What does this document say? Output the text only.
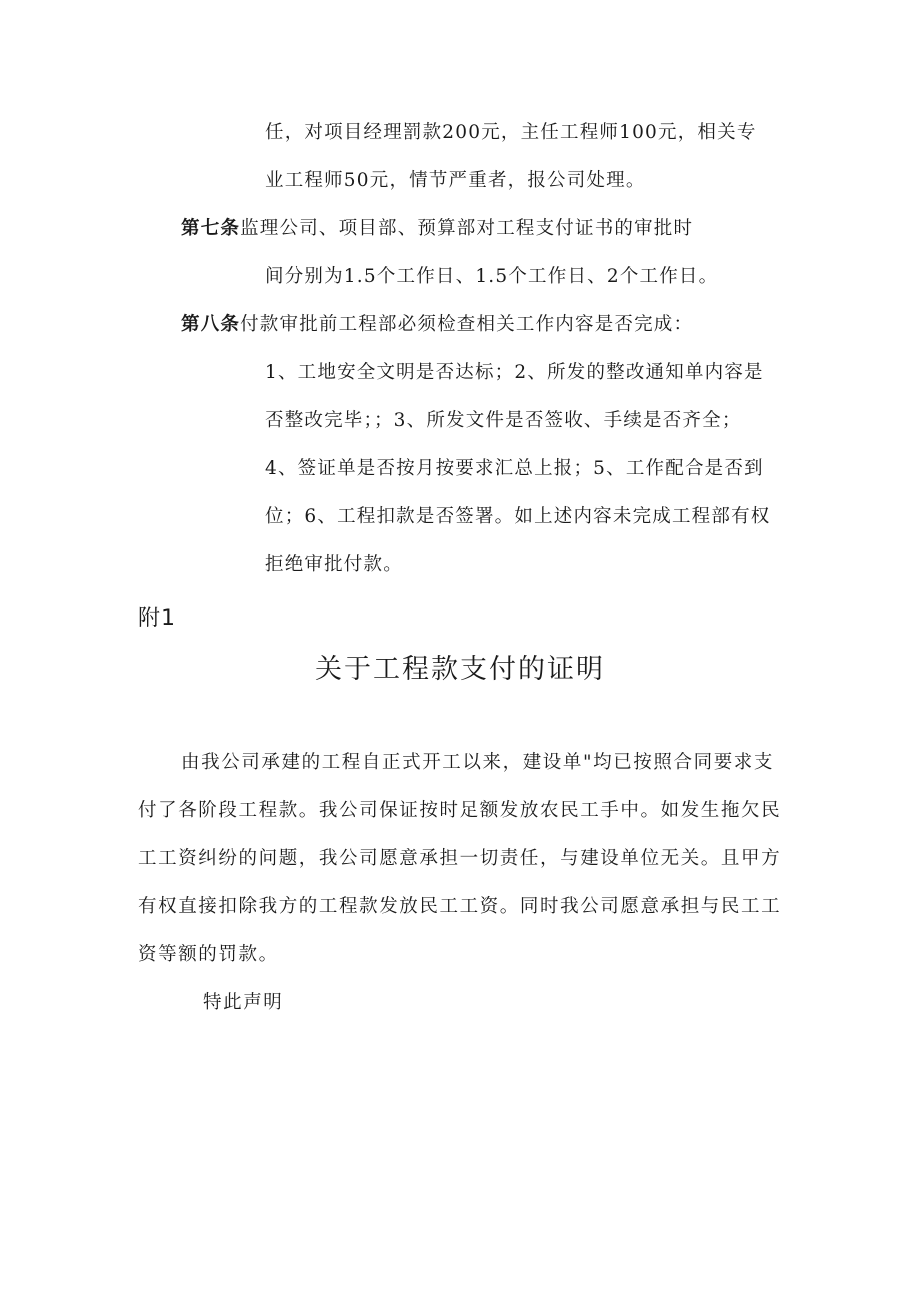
任，对项目经理罰款200元，主任工程师100元，相关专
业工程师50元，情节严重者，报公司处理。
第七条监理公司、项目部、预算部对工程支付证书的审批时
间分别为1.5个工作日、1.5个工作日、2个工作日。
第八条付款审批前工程部必须检查相关工作内容是否完成：
1、工地安全文明是否达标；2、所发的整改通知单内容是
否整改完毕；；3、所发文件是否签收、手续是否齐全；
4、签证单是否按月按要求汇总上报；5、工作配合是否到
位；6、工程扣款是否签署。如上述内容未完成工程部有权
拒绝审批付款。
附1
关于工程款支付的证明
由我公司承建的工程自正式开工以来，建设单"均已按照合同要求支
付了各阶段工程款。我公司保证按时足额发放农民工手中。如发生拖欠民
工工资纠纷的问题，我公司愿意承担一切责任，与建设单位无关。且甲方
有权直接扣除我方的工程款发放民工工资。同时我公司愿意承担与民工工
资等额的罚款。
特此声明
